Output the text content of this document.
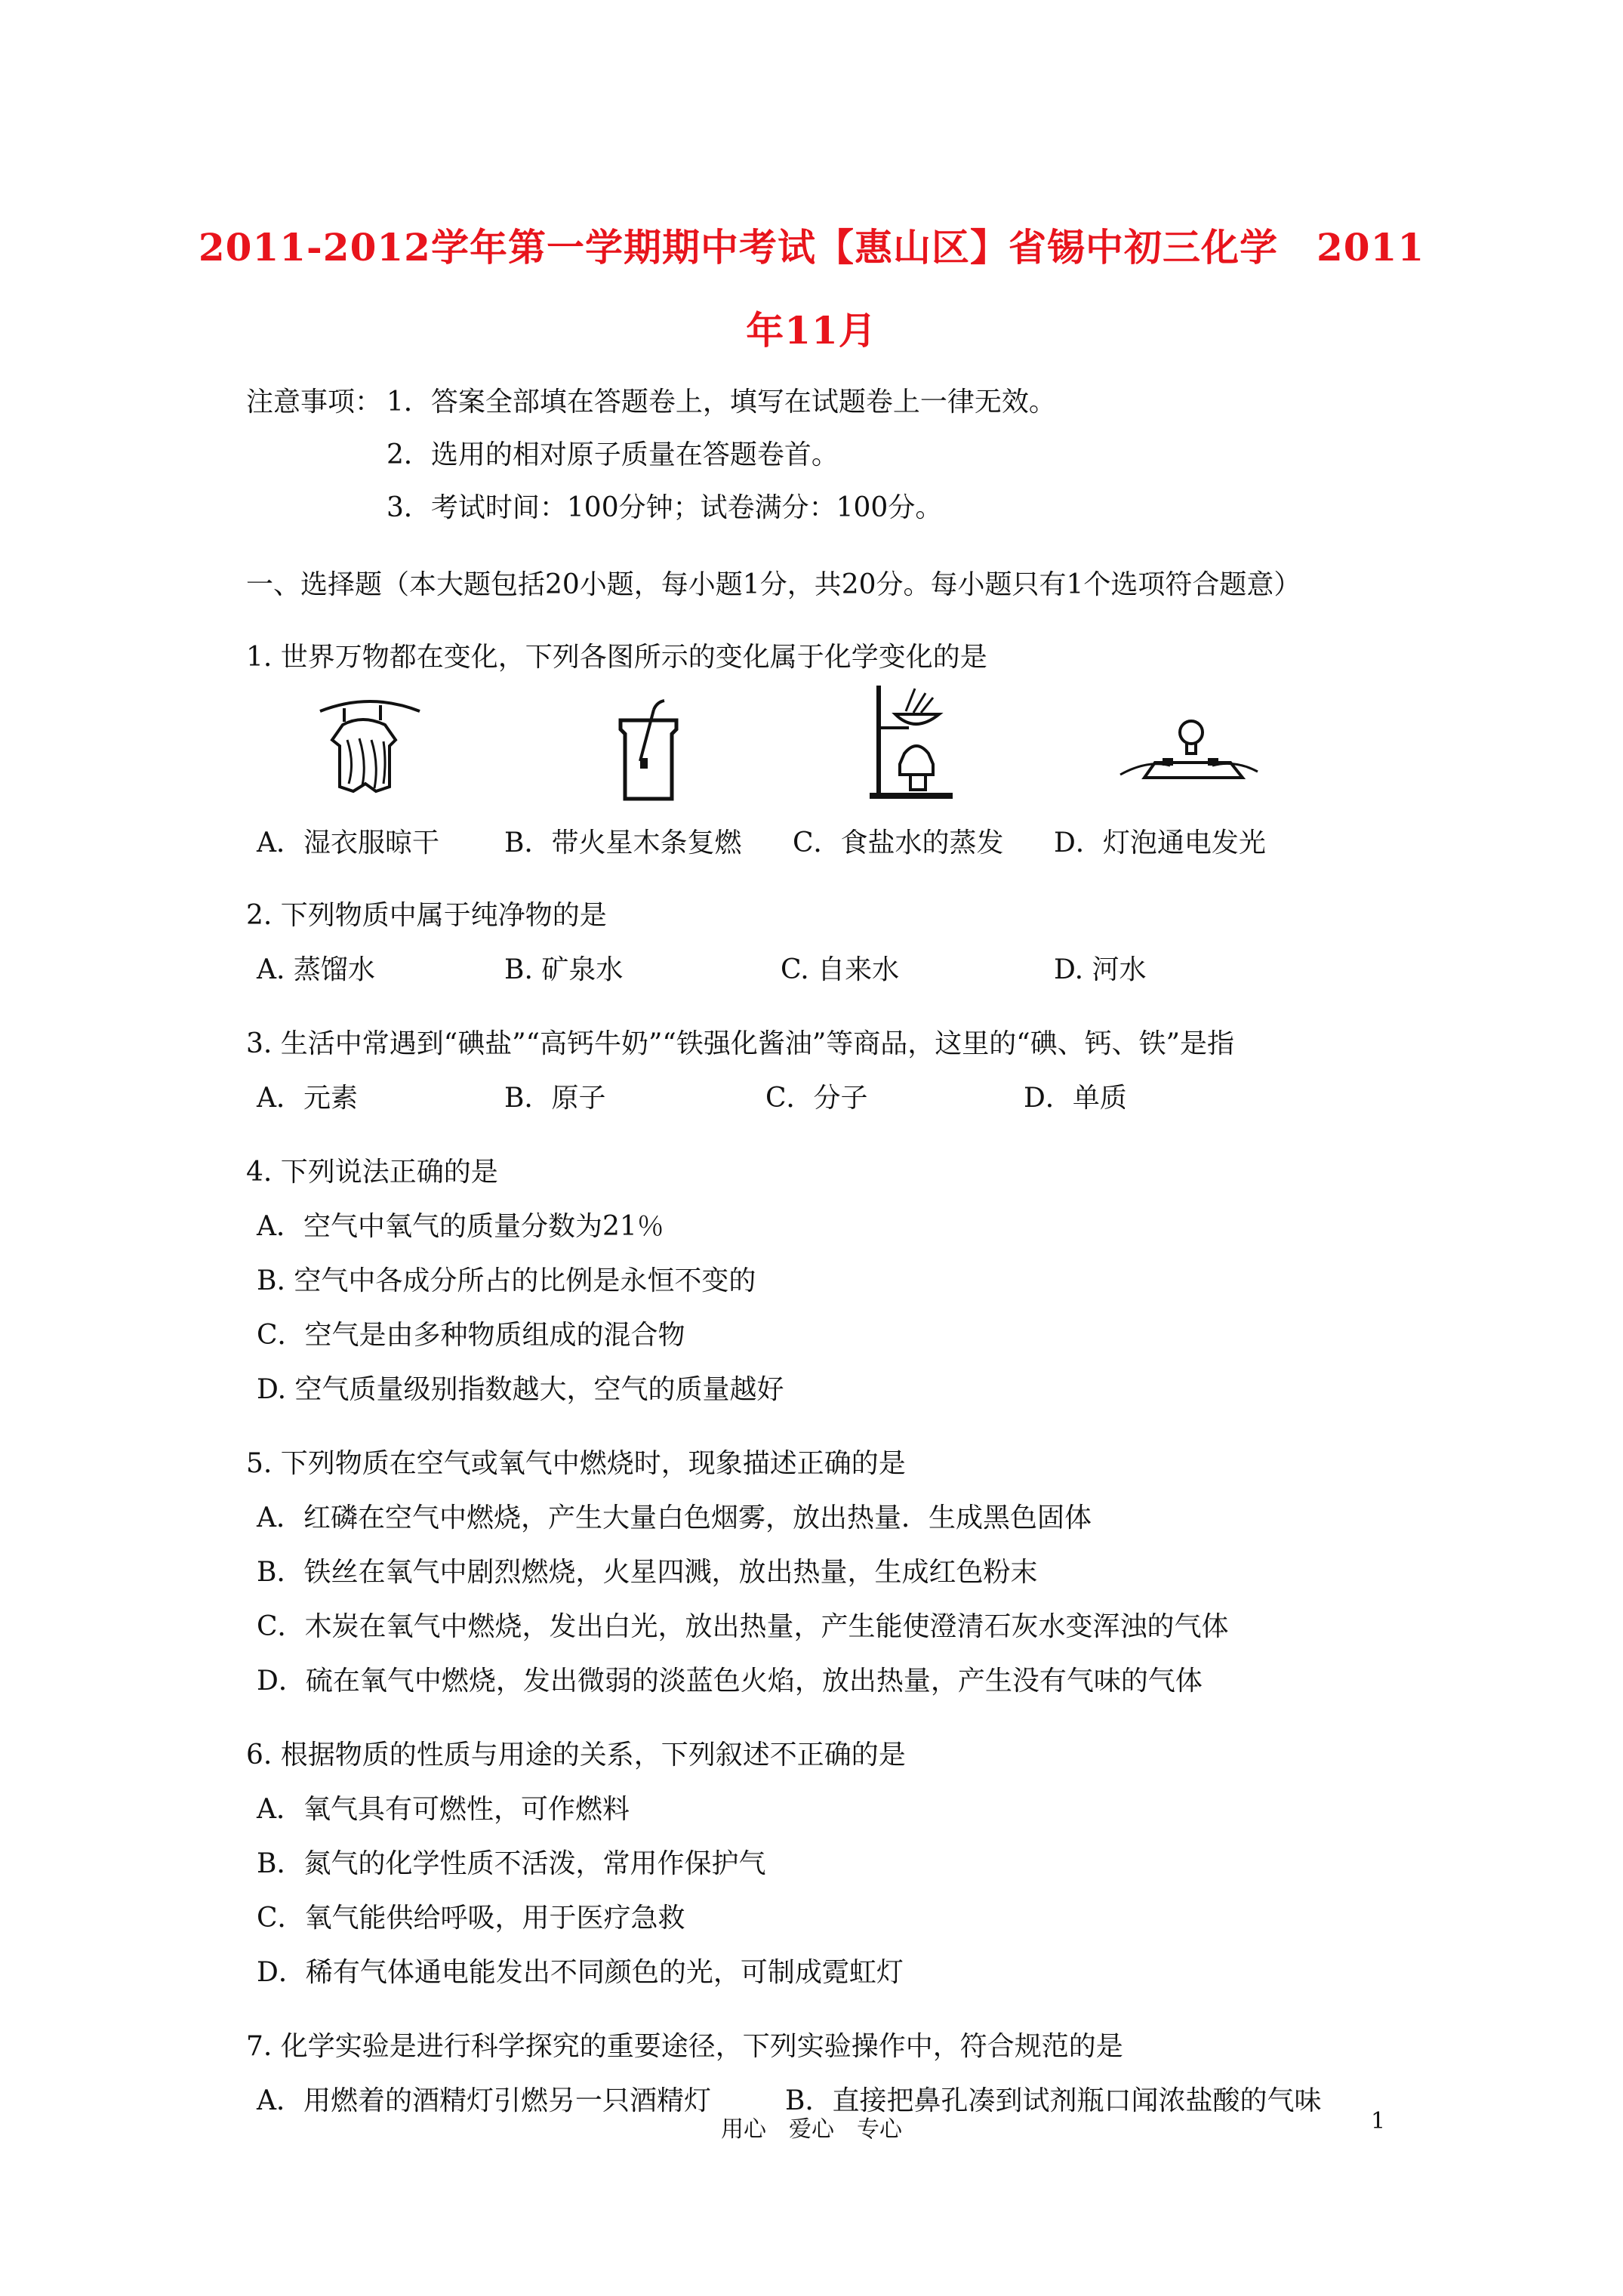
2011-2012学年第一学期期中考试【惠山区】省锡中初三化学　2011
年11月
注意事项： 1．答案全部填在答题卷上，填写在试题卷上一律无效。
2．选用的相对原子质量在答题卷首。
3．考试时间：100分钟；试卷满分：100分。
一、选择题（本大题包括20小题，每小题1分，共20分。每小题只有1个选项符合题意）
1. 世界万物都在变化，下列各图所示的变化属于化学变化的是
A．湿衣服晾干 B．带火星木条复燃 C．食盐水的蒸发 D．灯泡通电发光
2. 下列物质中属于纯净物的是
A. 蒸馏水	B. 矿泉水	C. 自来水	D. 河水
3. 生活中常遇到“碘盐”“高钙牛奶”“铁强化酱油”等商品，这里的“碘、钙、铁”是指
A．元素	B．原子	C．分子	D．单质
4. 下列说法正确的是
A．空气中氧气的质量分数为21％
B. 空气中各成分所占的比例是永恒不变的
C．空气是由多种物质组成的混合物
D. 空气质量级别指数越大，空气的质量越好
5. 下列物质在空气或氧气中燃烧时，现象描述正确的是
A．红磷在空气中燃烧，产生大量白色烟雾，放出热量．生成黑色固体
B．铁丝在氧气中剧烈燃烧，火星四溅，放出热量，生成红色粉末
C．木炭在氧气中燃烧，发出白光，放出热量，产生能使澄清石灰水变浑浊的气体
D．硫在氧气中燃烧，发出微弱的淡蓝色火焰，放出热量，产生没有气味的气体
6. 根据物质的性质与用途的关系，下列叙述不正确的是
A．氧气具有可燃性，可作燃料
B．氮气的化学性质不活泼，常用作保护气
C．氧气能供给呼吸，用于医疗急救
D．稀有气体通电能发出不同颜色的光，可制成霓虹灯
7. 化学实验是进行科学探究的重要途径，下列实验操作中，符合规范的是
A．用燃着的酒精灯引燃另一只酒精灯	B．直接把鼻孔凑到试剂瓶口闻浓盐酸的气味
用心　爱心　专心	1
